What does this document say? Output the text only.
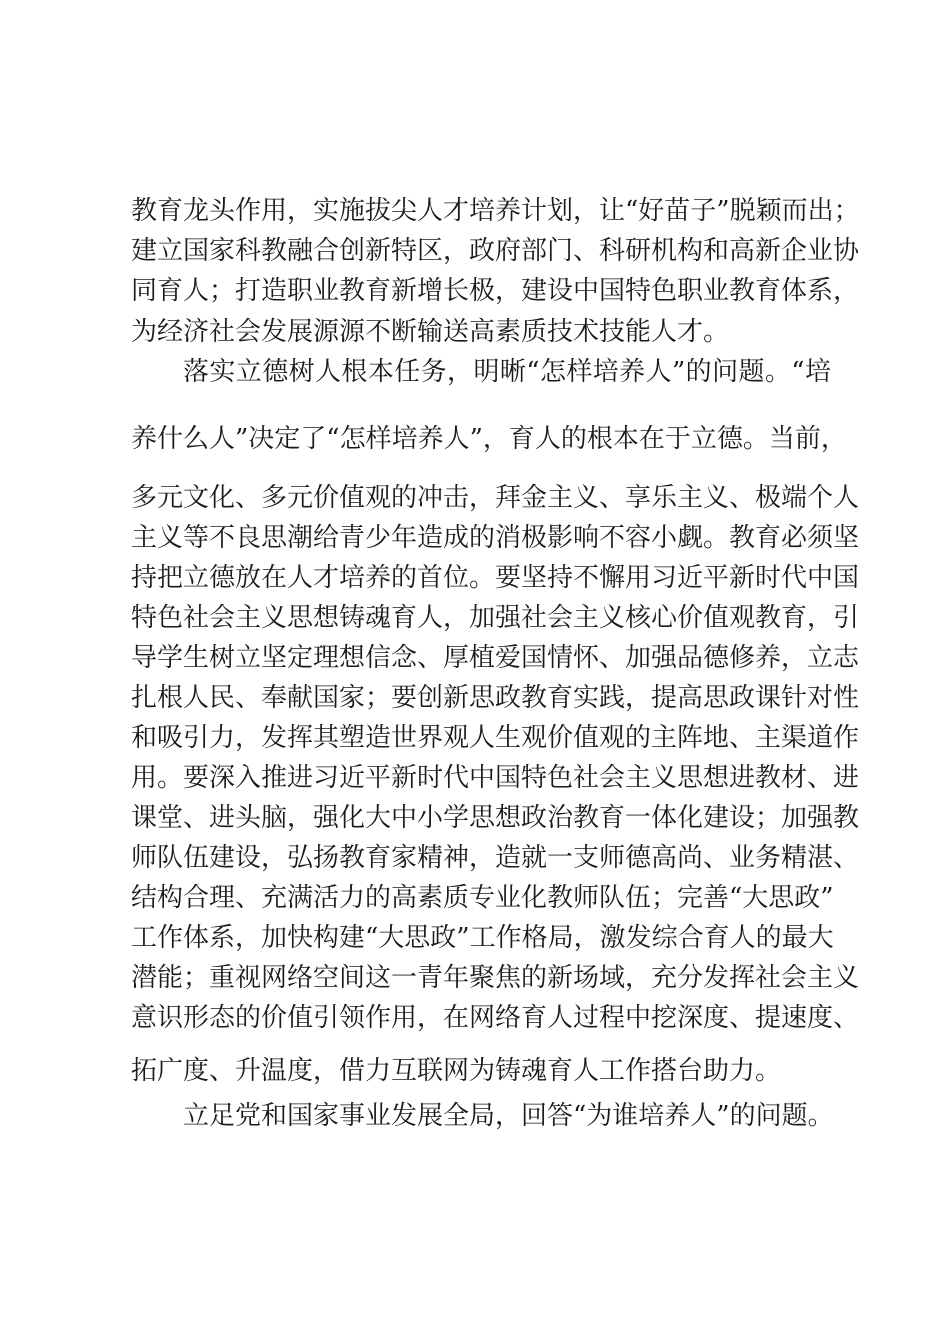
教育龙头作用，实施拔尖人才培养计划，让“好苗子”脱颖而出；

建立国家科教融合创新特区，政府部门、科研机构和高新企业协

同育人；打造职业教育新增长极，建设中国特色职业教育体系，

为经济社会发展源源不断输送高素质技术技能人才。

落实立德树人根本任务，明晰“怎样培养人”的问题。“培

养什么人”决定了“怎样培养人”，育人的根本在于立德。当前，

多元文化、多元价值观的冲击，拜金主义、享乐主义、极端个人

主义等不良思潮给青少年造成的消极影响不容小觑。教育必须坚

持把立德放在人才培养的首位。要坚持不懈用习近平新时代中国

特色社会主义思想铸魂育人，加强社会主义核心价值观教育，引

导学生树立坚定理想信念、厚植爱国情怀、加强品德修养，立志

扎根人民、奉献国家；要创新思政教育实践，提高思政课针对性

和吸引力，发挥其塑造世界观人生观价值观的主阵地、主渠道作

用。要深入推进习近平新时代中国特色社会主义思想进教材、进

课堂、进头脑，强化大中小学思想政治教育一体化建设；加强教

师队伍建设，弘扬教育家精神，造就一支师德高尚、业务精湛、

结构合理、充满活力的高素质专业化教师队伍；完善“大思政”

工作体系，加快构建“大思政”工作格局，激发综合育人的最大

潜能；重视网络空间这一青年聚焦的新场域，充分发挥社会主义

意识形态的价值引领作用，在网络育人过程中挖深度、提速度、

拓广度、升温度，借力互联网为铸魂育人工作搭台助力。

立足党和国家事业发展全局，回答“为谁培养人”的问题。
